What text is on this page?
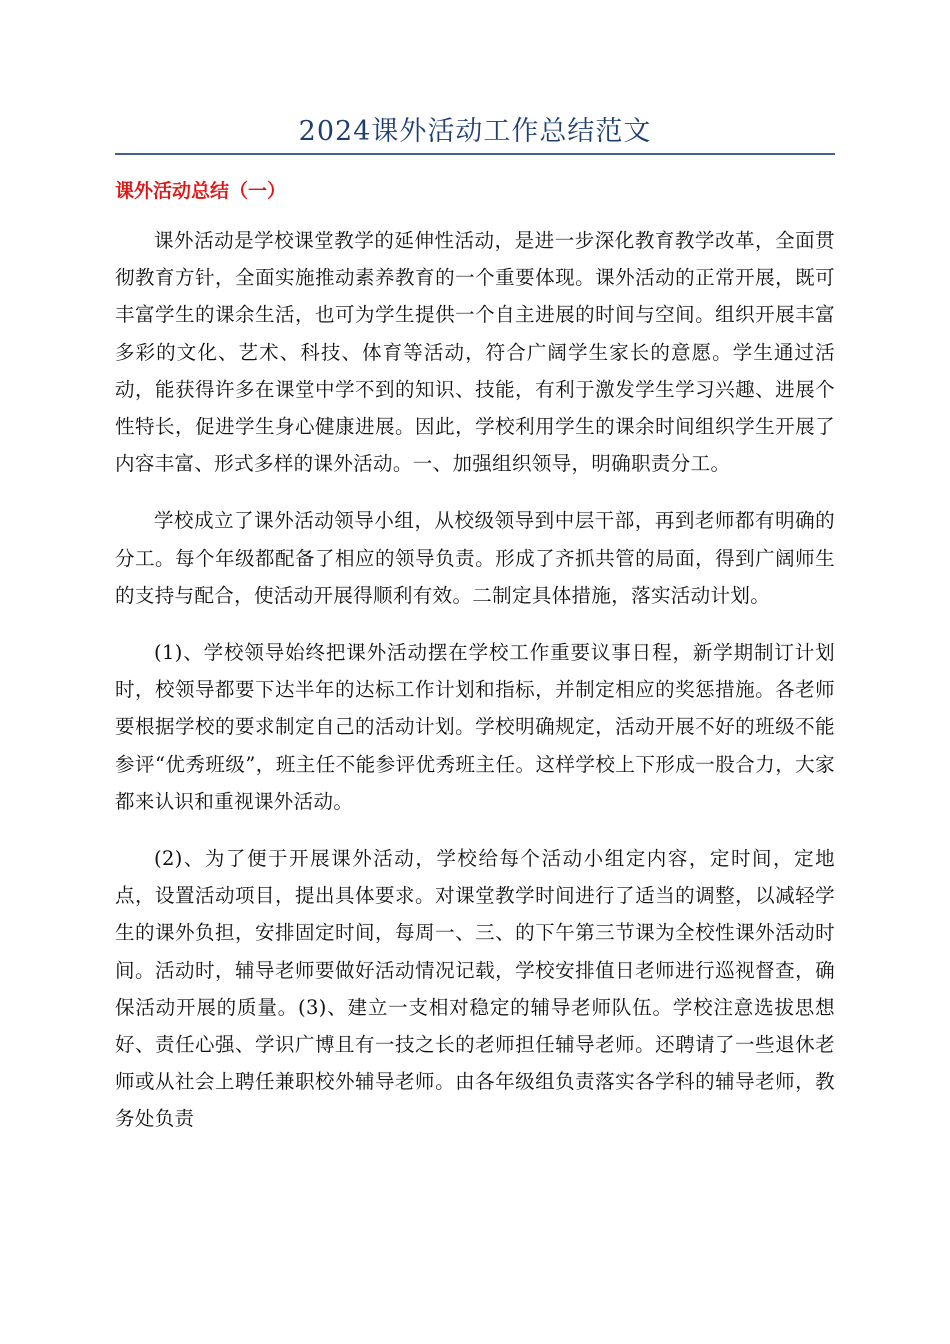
2024课外活动工作总结范文
课外活动总结（一）

课外活动是学校课堂教学的延伸性活动，是进一步深化教育教学改革，全面贯彻教育方针，全面实施推动素养教育的一个重要体现。课外活动的正常开展，既可丰富学生的课余生活，也可为学生提供一个自主进展的时间与空间。组织开展丰富多彩的文化、艺术、科技、体育等活动，符合广阔学生家长的意愿。学生通过活动，能获得许多在课堂中学不到的知识、技能，有利于激发学生学习兴趣、进展个性特长，促进学生身心健康进展。因此，学校利用学生的课余时间组织学生开展了内容丰富、形式多样的课外活动。一、加强组织领导，明确职责分工。

学校成立了课外活动领导小组，从校级领导到中层干部，再到老师都有明确的分工。每个年级都配备了相应的领导负责。形成了齐抓共管的局面，得到广阔师生的支持与配合，使活动开展得顺利有效。二制定具体措施，落实活动计划。

(1)、学校领导始终把课外活动摆在学校工作重要议事日程，新学期制订计划时，校领导都要下达半年的达标工作计划和指标，并制定相应的奖惩措施。各老师要根据学校的要求制定自己的活动计划。学校明确规定，活动开展不好的班级不能参评“优秀班级”，班主任不能参评优秀班主任。这样学校上下形成一股合力，大家都来认识和重视课外活动。

(2)、为了便于开展课外活动，学校给每个活动小组定内容，定时间，定地点，设置活动项目，提出具体要求。对课堂教学时间进行了适当的调整，以减轻学生的课外负担，安排固定时间，每周一、三、的下午第三节课为全校性课外活动时间。活动时，辅导老师要做好活动情况记载，学校安排值日老师进行巡视督查，确保活动开展的质量。(3)、建立一支相对稳定的辅导老师队伍。学校注意选拔思想好、责任心强、学识广博且有一技之长的老师担任辅导老师。还聘请了一些退休老师或从社会上聘任兼职校外辅导老师。由各年级组负责落实各学科的辅导老师，教务处负责
